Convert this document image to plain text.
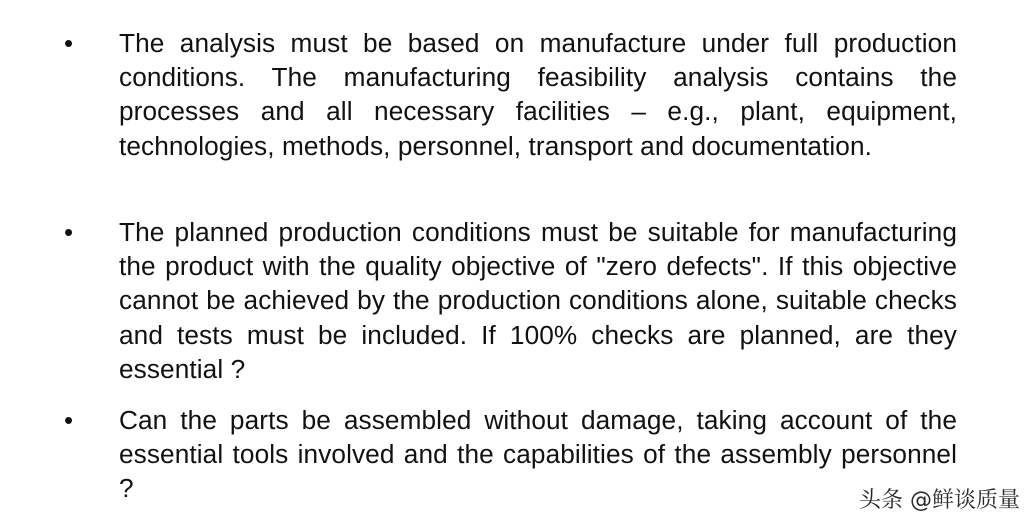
• The analysis must be based on manufacture under full production conditions. The manufacturing feasibility analysis contains the processes and all necessary facilities – e.g., plant, equipment, technologies, methods, personnel, transport and documentation.
• The planned production conditions must be suitable for manufacturing the product with the quality objective of "zero defects". If this objective cannot be achieved by the production conditions alone, suitable checks and tests must be included. If 100% checks are planned, are they essential ?
• Can the parts be assembled without damage, taking account of the essential tools involved and the capabilities of the assembly personnel ?	头条 @鲜谈质量
